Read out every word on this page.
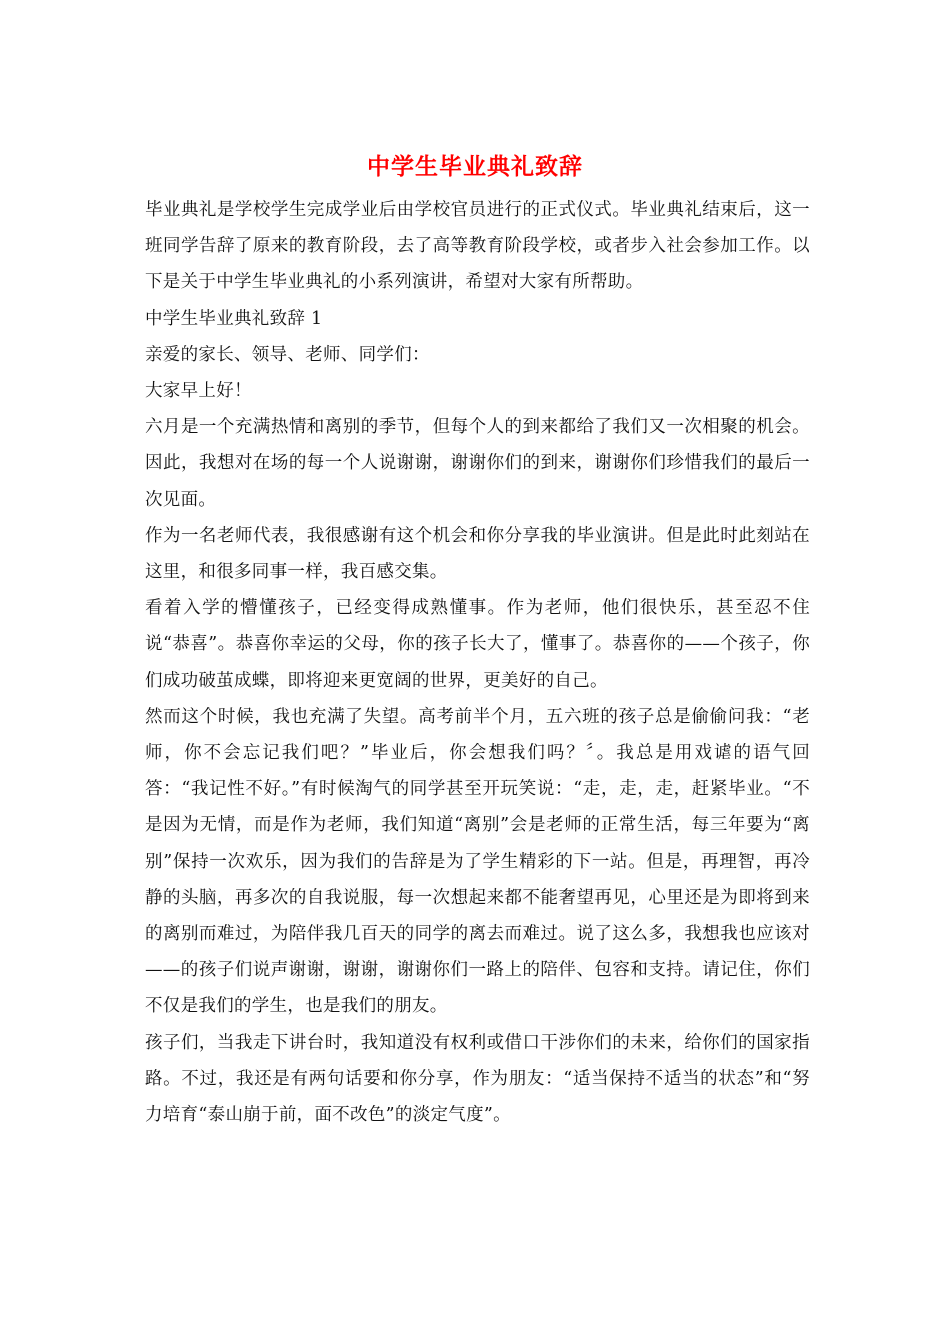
中学生毕业典礼致辞

毕业典礼是学校学生完成学业后由学校官员进行的正式仪式。毕业典礼结束后，这一班同学告辞了原来的教育阶段，去了高等教育阶段学校，或者步入社会参加工作。以下是关于中学生毕业典礼的小系列演讲，希望对大家有所帮助。

中学生毕业典礼致辞 1

亲爱的家长、领导、老师、同学们：

大家早上好！

六月是一个充满热情和离别的季节，但每个人的到来都给了我们又一次相聚的机会。因此，我想对在场的每一个人说谢谢，谢谢你们的到来，谢谢你们珍惜我们的最后一次见面。

作为一名老师代表，我很感谢有这个机会和你分享我的毕业演讲。但是此时此刻站在这里，和很多同事一样，我百感交集。

看着入学的懵懂孩子，已经变得成熟懂事。作为老师，他们很快乐，甚至忍不住说“恭喜”。恭喜你幸运的父母，你的孩子长大了，懂事了。恭喜你的——个孩子，你们成功破茧成蝶，即将迎来更宽阔的世界，更美好的自己。

然而这个时候，我也充满了失望。高考前半个月，五六班的孩子总是偷偷问我：“老师，你不会忘记我们吧？”毕业后，你会想我们吗？〞。我总是用戏谑的语气回答：“我记性不好。”有时候淘气的同学甚至开玩笑说：“走，走，走，赶紧毕业。“不是因为无情，而是作为老师，我们知道“离别”会是老师的正常生活，每三年要为“离别”保持一次欢乐，因为我们的告辞是为了学生精彩的下一站。但是，再理智，再冷静的头脑，再多次的自我说服，每一次想起来都不能奢望再见，心里还是为即将到来的离别而难过，为陪伴我几百天的同学的离去而难过。说了这么多，我想我也应该对——的孩子们说声谢谢，谢谢，谢谢你们一路上的陪伴、包容和支持。请记住，你们不仅是我们的学生，也是我们的朋友。

孩子们，当我走下讲台时，我知道没有权利或借口干涉你们的未来，给你们的国家指路。不过，我还是有两句话要和你分享，作为朋友：“适当保持不适当的状态”和“努力培育“泰山崩于前，面不改色”的淡定气度”。
